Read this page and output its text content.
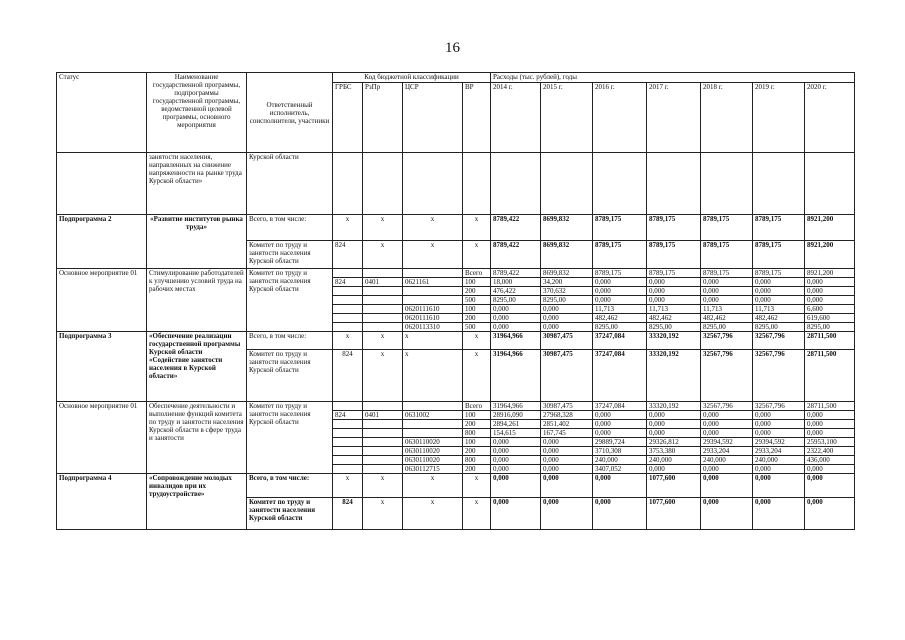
16
Статус	Наименование государственной программы, подпрограммы государственной программы, ведомственной целевой программы, основного мероприятия	Ответственный исполнитель, соисполнители, участники	Код бюджетной классификации				Расходы (тыс. рублей), годы						
			ГРБС	РзПр	ЦСР	ВР	2014 г.	2015 г.	2016 г.	2017 г.	2018 г.	2019 г.	2020 г.
	занятости населения, направленных на снижение напряженности на рынке труда Курской области»	Курской области											
Подпрограмма 2	«Развитие институтов рынка труда»	Всего, в том числе:	x	x	x	x	8789,422	8699,832	8789,175	8789,175	8789,175	8789,175	8921,200
		Комитет по труду и занятости населения Курской области	824	x	x	x	8789,422	8699,832	8789,175	8789,175	8789,175	8789,175	8921,200
Основное мероприятие 01	Стимулирование работодателей к улучшению условий труда на рабочих местах	Комитет по труду и занятости населения Курской области				Всего	8789,422	8699,832	8789,175	8789,175	8789,175	8789,175	8921,200
			824	0401	0621161	100	18,000	34,200	0,000	0,000	0,000	0,000	0,000
						200	476,422	370,632	0,000	0,000	0,000	0,000	0,000
						500	8295,00	8295,00	0,000	0,000	0,000	0,000	0,000
					0620111610	100	0,000	0,000	11,713	11,713	11,713	11,713	6,600
					0620111610	200	0,000	0,000	482,462	482,462	482,462	482,462	619,600
					0620113310	500	0,000	0,000	8295,00	8295,00	8295,00	8295,00	8295,00
Подпрограмма 3	«Обеспечение реализации государственной программы Курской области «Содействие занятости населения в Курской области»	Всего, в том числе:	x	x	x	x	31964,966	30987,475	37247,084	33320,192	32567,796	32567,796	28711,500
		Комитет по труду и занятости населения Курской области	824	x	x	x	31964,966	30987,475	37247,084	33320,192	32567,796	32567,796	28711,500
Основное мероприятие 01	Обеспечение деятельности и выполнение функций комитета по труду и занятости населения Курской области в сфере труда и занятости	Комитет по труду и занятости населения Курской области				Всего	31964,966	30987,475	37247,084	33320,192	32567,796	32567,796	28711,500
			824	0401	0631002	100	28916,090	27968,328	0,000	0,000	0,000	0,000	0,000
						200	2894,261	2851,402	0,000	0,000	0,000	0,000	0,000
						800	154,615	167,745	0,000	0,000	0,000	0,000	0,000
					0630110020	100	0,000	0,000	29889,724	29326,812	29394,592	29394,592	25953,100
					0630110020	200	0,000	0,000	3710,308	3753,380	2933,204	2933,204	2322,400
					0630110020	800	0,000	0,000	240,000	240,000	240,000	240,000	436,000
					0630112715	200	0,000	0,000	3407,052	0,000	0,000	0,000	0,000
Подпрограмма 4	«Сопровождение молодых инвалидов при их трудоустройстве»	Всего, в том числе:	x	x	x	x	0,000	0,000	0,000	1077,600	0,000	0,000	0,000
		Комитет по труду и занятости населения Курской области	824	x	x	x	0,000	0,000	0,000	1077,600	0,000	0,000	0,000
